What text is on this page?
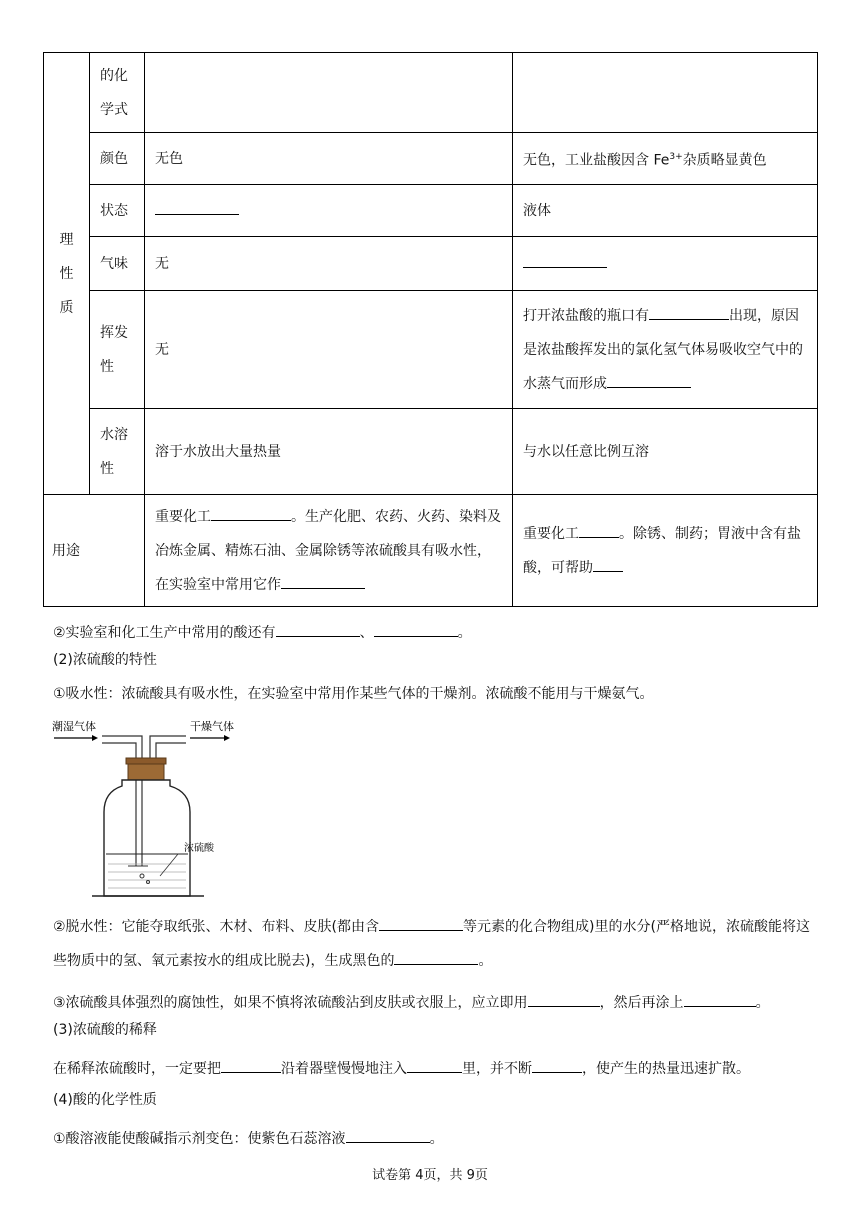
理
性
质	的化学式		
	颜色	无色	无色，工业盐酸因含 $Fe^{3+}$杂质略显黄色
	状态		液体
	气味	无	
	挥发性	无	打开浓盐酸的瓶口有 出现，原因是浓盐酸挥发出的氯化氢气体易吸收空气中的水蒸气而形成
	水溶性	溶于水放出大量热量	与水以任意比例互溶
用途		重要化工 。生产化肥、农药、火药、染料及冶炼金属、精炼石油、金属除锈等浓硫酸具有吸水性，在实验室中常用它作	重要化工 。除锈、制药；胃液中含有盐酸，可帮助
②实验室和化工生产中常用的酸还有	、	。
(2)浓硫酸的特性
①吸水性：浓硫酸具有吸水性，在实验室中常用作某些气体的干燥剂。浓硫酸不能用与干燥氨气。
潮湿气体	干燥气体
浓硫酸
②脱水性：它能夺取纸张、木材、布料、皮肤(都由含	等元素的化合物组成)里的水分(严格地说，浓硫酸能将这些物质中的氢、氧元素按水的组成比脱去)，生成黑色的	。
③浓硫酸具体强烈的腐蚀性，如果不慎将浓硫酸沾到皮肤或衣服上，应立即用	，然后再涂上	。
(3)浓硫酸的稀释
在稀释浓硫酸时，一定要把	沿着器壁慢慢地注入	里，并不断	，使产生的热量迅速扩散。
(4)酸的化学性质
①酸溶液能使酸碱指示剂变色：使紫色石蕊溶液	。
试卷第 4页，共 9页
